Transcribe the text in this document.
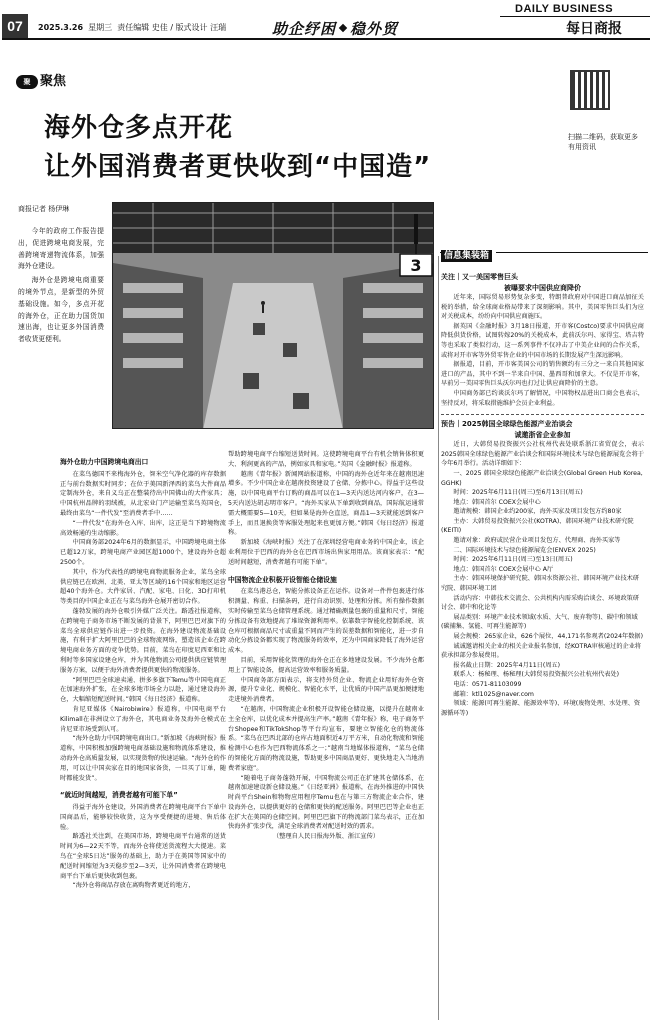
07	2025.3.26 星期三 责任编辑 史佳 / 版式设计 汪瑞	助企纾困 稳外贸
DAILY BUSINESS
每日商报
聚 聚焦
海外仓多点开花
让外国消费者更快收到“中国造”
扫描二维码，获取更多有用资讯
商报记者 杨伊琳

今年的政府工作报告提出，促进跨境电商发展，完善跨境寄递物流体系，加强海外仓建设。

海外仓是跨境电商重要的境外节点，是新型的外贸基础设施。如今，多点开花的海外仓，正在助力国货加速出海，也让更多外国消费者收货更便利。

3	信息集装箱
海外仓助力中国跨境电商出口

在菜鸟德国不来梅海外仓，智米空气净化器的库存数据正与前台数据实时同步；在位于美国新泽西的菜鸟大件商品定制海外仓，来自义乌正在整装待出中国佛山的大件家具；中国杭州品牌的羽绒被，从北宏业门产运输至菜鸟英国仓，最终由菜鸟“一件代发”至消费者手中……

“一件代发”在海外仓入库、出库，这正是当下跨境物流高效畅通的生动缩影。

中国商务部2024年6月的数据显示，中国跨境电商主体已超12万家，跨境电商产业园区超1000个，建设海外仓超2500个。

其中，作为代表性的跨境电商物流服务企业，菜鸟全球供应链已在欧洲、北美、亚太等区域的16个国家和地区运营超40个海外仓。大件家居、汽配、家电、日化、3D打印机等类目的中国企业正在与菜鸟海外仓展开密切合作。

蓬勃发展的海外仓吸引外媒广泛关注。路透社报道称，在跨境电子商务市场不断发展的背景下，阿里巴巴对旗下的菜鸟全球供应链作出进一步投资。在海外建设物流基础设施，有利于扩大阿里巴巴的全球物流网络，塑造该企业在跨境电商业务方面的竞争优势。目前，菜鸟在印度尼西亚和比利时等多国家设建仓库，并为其他物流公司提供供应链管理服务方案，以便于海外消费者提供更快的物流服务。

“阿里巴巴全球速卖通、拼多多旗下Temu等中国电商正在加速海外扩张，在全球多地市场全力以赴，通过建设海外仓，大幅缩短配送时间。”韩国《每日经济》报道称。

肯尼亚媒体《Nairobiwire》报道称，中国电商平台Kilimall在非洲设立了海外仓，其电商业务及海外仓模式在肯尼亚市场受到认可。

“海外仓助力中国跨境电商出口。”新加坡《海峡时报》报道称，中国积极加强跨境电商基础设施和物流体系建设，推动海外仓高质量发展，以实现货物的快速运输。“海外仓的作用，可以让中国卖家在目的地国家备货，一旦买了订单，随时都能发货”。

“就近时间越短，消费者越有可能下单”

得益于海外仓建设，外国消费者在跨境电商平台下单中国商品后，能够较快收货，这为享受便捷的进境、售后体验。

路透社关注到，在美国市场，跨境电商平台通常的送货时间为6—22天不等，而海外仓将使送货流程大大提速。菜鸟在“全球5日达”服务的基础上，助力于在美国等国家中的配送时间缩短为3天稳步至2—3天，让外国消费者在跨境电商平台下单后更快收到包裹。

“海外仓将商品存放在离购物者更近的地方，

帮助跨境电商平台缩短送货时间。这使跨境电商平台有机会销售体积更大、利润更高的产品，例如家具和家电。”英国《金融时报》报道称。

越南《青年报》新闻网站报道称，中国的海外仓近年来在越南迅速增多。不少中国企业在越南投资建设了仓储、分拣中心。得益于这些设施，以中国电商平台订购的商品可以在1—3天内送达河内客户，在3—5天内送达胡志明市客户。“海外买家从下单到收到商品，国际航运通常需大概需要5—10天，但如果是海外仓直送，商品1—3天就能送到客户手上，而且退换货等客服处理起来也更加方便。”韩国《每日经济》报道称。

新加坡《海峡时报》关注了在深圳经营电商业务的中国企业，该企业利用位于巴西的海外仓在巴西市场出售家用用品。该商家表示：“配送时间越短，消费者越有可能下单”。

中国物流企业积极开设智能仓储设施

在菜鸟港总仓，智能分拣设备正在运作。设备对一件件包裹进行体积测量、称重、扫描条码，进行自动识别、处理和分拣。所有操作数据实时传输至菜鸟仓储管理系统。通过精确测量包裹的重量和尺寸，智能分拣设备有效地提高了堆垛资源利用率。依靠数字智能化控制系统、该仓库可根据商品尺寸或重量不同而产生的误差数据和智能化，进一步自动化分拣设备都实现了物流服务的效率，还为中国商家降低了海外运营成本。

目前，采用智能化管理的海外仓正在多地建设发展。不少海外仓都用上了智能设备，提高运营效率和服务质量。

中国商务部方面表示，将支持外贸企业、物流企业用好海外仓资源，提升专业化、规模化、智能化水平，让优质的中国产品更加便捷地走进境外消费者。

“在越南，中国物流企业积极开设智能仓储设施，以提升在越南业主全仓库，以优化成本并提高生产率。”越南《青年报》称，电子商务平台Shopee和TikTokShop等平台均宣布，要建立智能化仓的物流体系。“菜鸟在巴西北部的仓库占地面积近4万平方米，自动化物流和智能检测中心也作为巴西物流体系之一；”越南当地媒体报道称，“菜鸟仓储的智能化方面的物流设施，帮助更多中国商品更好、更快地走入当地消费者家庭”。

“随着电子商务蓬勃开展，中国物流公司正在扩建其仓储体系，在越南加速建设新仓储设施。”《日经亚洲》报道称，在海外推进的中国快时尚平台Shein和物物应用程序Temu也在与第三方物流企业合作，建设海外仓，以提供更好的仓储和更快的配送服务。阿里巴巴等企业也正在扩大在美国的仓储空间。阿里巴巴旗下的物流部门菜鸟表示，正在加快海外扩张步伐，满足全球消费者对配送时效的需求。

（整理自人民日报海外版、浙江宣传）

关注｜又一美国零售巨头
被曝要求中国供应商降价

近年来，国际贸易形势复杂多变，特朗普政府对中国进口商品加征关税的举措，给全球商业格局带来了深刻影响。其中，美国零售巨头们为应对关税成本，纷纷向中国供应商施压。

据英国《金融时报》3月18日报道，开市客(Costco)要求中国供应商降低供货价格，试图转嫁20%的关税成本，此前沃尔玛、家得宝、塔吉特等也采取了类似行动，这一系列事件不仅冲击了中美企业间的合作关系，或将对开市客等外贸零售企业的中国市场的长期发展产生深远影响。

据报道，目前，开市客美国公司的销售额约有三分之一来自其他国家进口的产品，其中不到一半来自中国、墨西哥和加拿大。不仅是开市客，早前另一美国零售巨头沃尔玛也打过让供应商降价的主意。

中国商务部已约谈沃尔玛了解情况，中国物权品进出口商会也表示，坚持反对，将采取措施维护会员企业利益。

预告｜2025韩国全球绿色能源产业治谈会
诚邀浙省企业参加

近日，大韩贸易投资振兴公社杭州代表处联系浙江省贸促会，表示2025韩国全球绿色能源产业洽谈会和国际环境技术与绿色能源展览会将于今年6月举行。活动详细如下：

一、2025 韩国全球绿色能源产业洽谈会(Global Green Hub Korea, GGHK)

时间：2025年6月11日(周三)至6月13日(周五)

地点：韩国首尔 COEX会展中心

邀请规模：韩国企业约200家，海外买家及项目发包方约80家

主办：大韩贸易投资振兴公社(KOTRA)、韩国环境产业技术研究院(KEITI)

邀请对象：政府或民营企业项目发包方、代理商、海外买家等

二、国际环境技术与绿色能源展览会(ENVEX 2025)

时间：2025年6月11日(周三)至13日(周五)

地点：韩国首尔 COEX会展中心 A厅

主办：韩国环境保护研究院、韩国水资源公社、韩国环境产业技术研究院、韩国环境工团

活动内容：中韩技术交流会、公共机构内需采购洽谈会、环境政策研讨会、韩中和化论等

展品类别：环境产业技术领域(水质、大气、废弃物等)、碳中和领域(碳捕集、氢能、可再生能源等)

展会规模：265家企业，626个展位，44,171名参观者(2024年数据)

诚诚邀请相关企业的相关企业报名参加，经KOTRA审核通过的企业将获承担部分参展费用。

报名截止日期：2025年4月11日(周五)

联系人：杨秘理、杨秘理(大韩贸易投资振兴公社杭州代表处)

电话：0571-81103099

邮箱：ktl1025@naver.com

领域：能源(可再生能源、能源效率等)、环境(废物处理、水处理、资源循环等)
